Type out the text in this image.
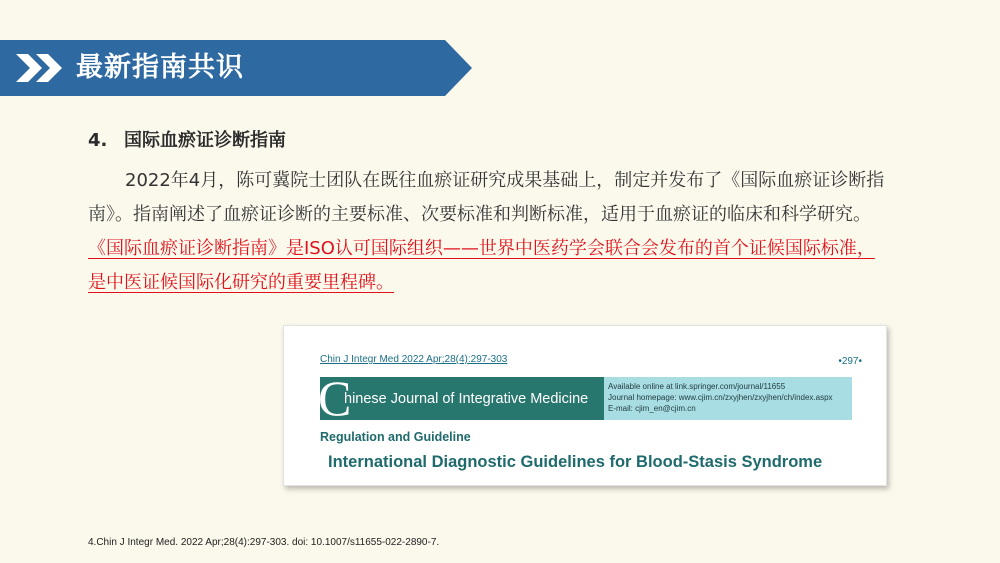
最新指南共识
4. 国际血瘀证诊断指南
2022年4月，陈可冀院士团队在既往血瘀证研究成果基础上，制定并发布了《国际血瘀证诊断指南》。指南阐述了血瘀证诊断的主要标准、次要标准和判断标准，适用于血瘀证的临床和科学研究。《国际血瘀证诊断指南》是ISO认可国际组织——世界中医药学会联合会发布的首个证候国际标准，是中医证候国际化研究的重要里程碑。
Chin J Integr Med 2022 Apr;28(4):297-303	•297•
C
hinese Journal of Integrative Medicine
Available online at link.springer.com/journal/11655
Journal homepage: www.cjim.cn/zxyjhen/zxyjhen/ch/index.aspx
E-mail: cjim_en@cjim.cn
Regulation and Guideline
International Diagnostic Guidelines for Blood-Stasis Syndrome
4.Chin J Integr Med. 2022 Apr;28(4):297-303. doi: 10.1007/s11655-022-2890-7.
